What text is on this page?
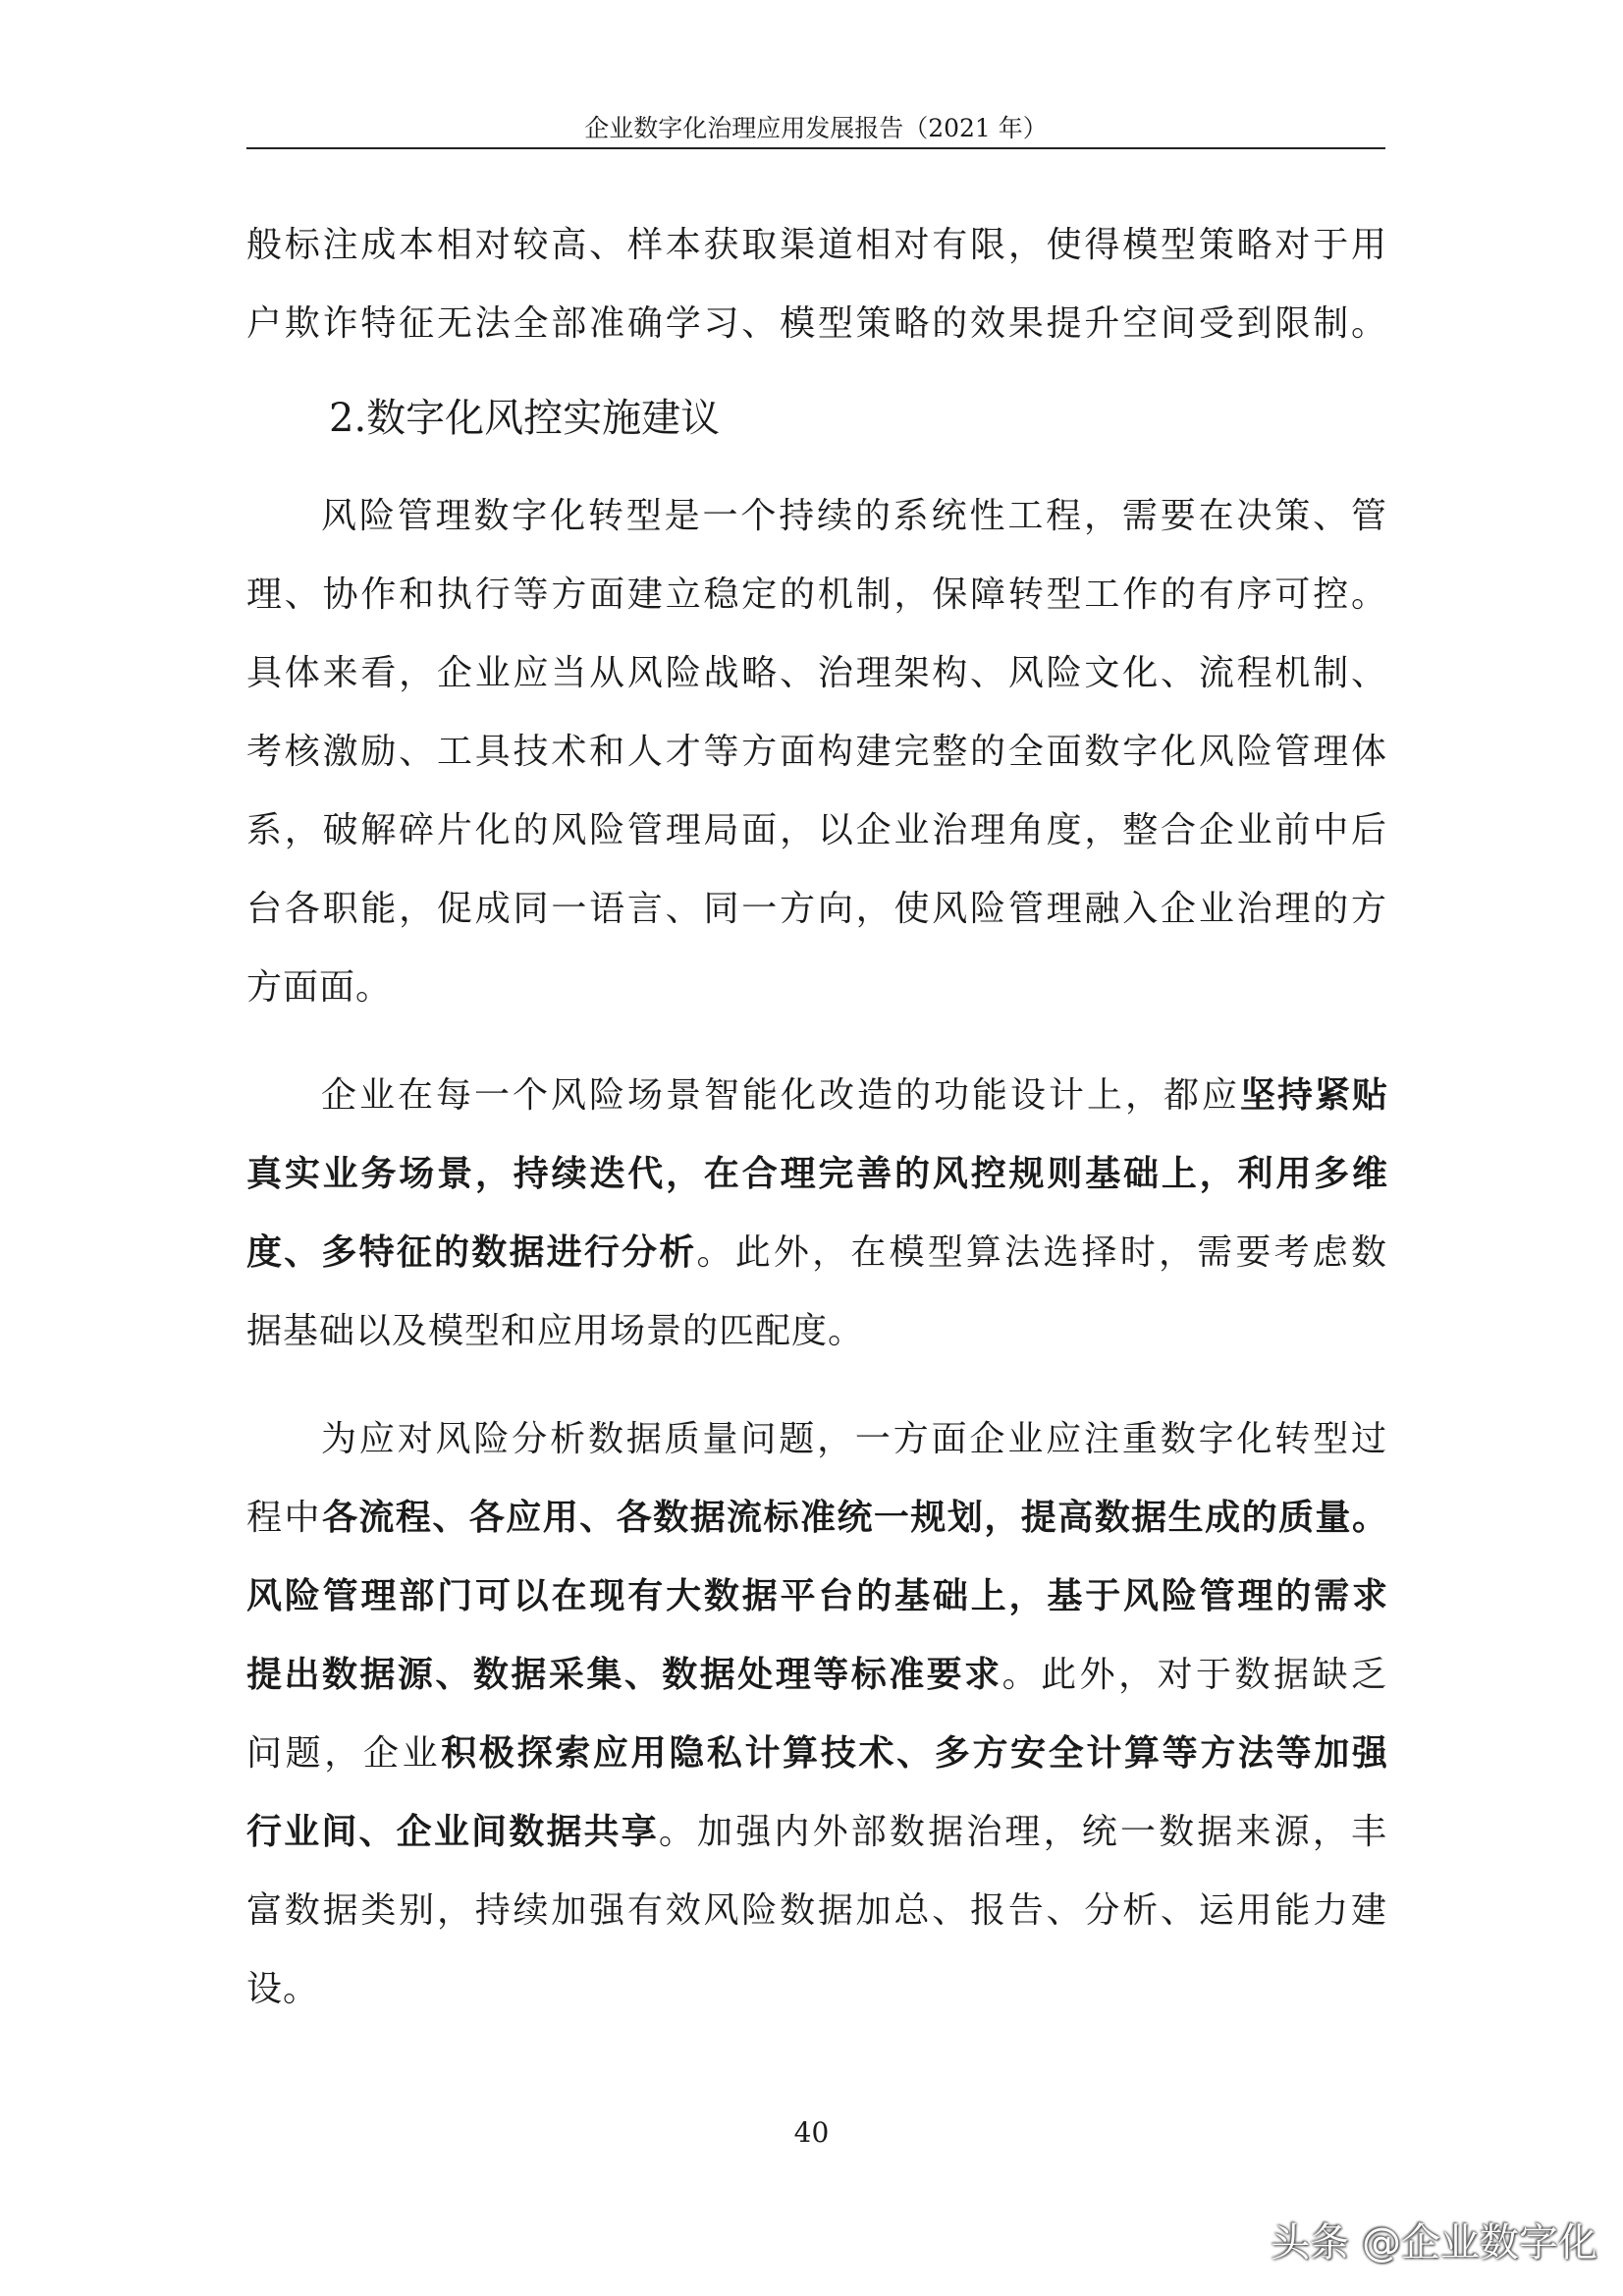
企业数字化治理应用发展报告（2021 年）
般标注成本相对较高、样本获取渠道相对有限，使得模型策略对于用
户欺诈特征无法全部准确学习、模型策略的效果提升空间受到限制。
2.数字化风控实施建议
风险管理数字化转型是一个持续的系统性工程，需要在决策、管
理、协作和执行等方面建立稳定的机制，保障转型工作的有序可控。
具体来看，企业应当从风险战略、治理架构、风险文化、流程机制、
考核激励、工具技术和人才等方面构建完整的全面数字化风险管理体
系，破解碎片化的风险管理局面，以企业治理角度，整合企业前中后
台各职能，促成同一语言、同一方向，使风险管理融入企业治理的方
方面面。
企业在每一个风险场景智能化改造的功能设计上，都应坚持紧贴
真实业务场景，持续迭代，在合理完善的风控规则基础上，利用多维
度、多特征的数据进行分析。此外，在模型算法选择时，需要考虑数
据基础以及模型和应用场景的匹配度。
为应对风险分析数据质量问题，一方面企业应注重数字化转型过
程中各流程、各应用、各数据流标准统一规划，提高数据生成的质量。
风险管理部门可以在现有大数据平台的基础上，基于风险管理的需求
提出数据源、数据采集、数据处理等标准要求。此外，对于数据缺乏
问题，企业积极探索应用隐私计算技术、多方安全计算等方法等加强
行业间、企业间数据共享。加强内外部数据治理，统一数据来源，丰
富数据类别，持续加强有效风险数据加总、报告、分析、运用能力建
设。
40
头条 @企业数字化
